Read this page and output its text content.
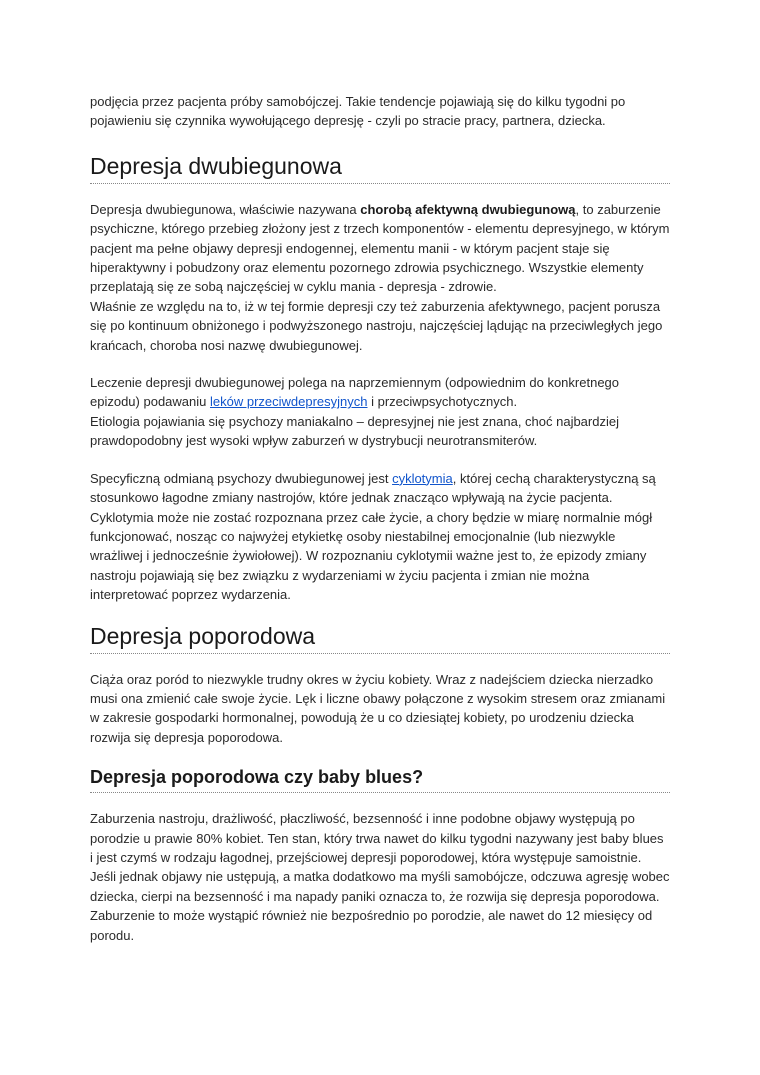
podjęcia przez pacjenta próby samobójczej. Takie tendencje pojawiają się do kilku tygodni po pojawieniu się czynnika wywołującego depresję - czyli po stracie pracy, partnera, dziecka.

Depresja dwubiegunowa

Depresja dwubiegunowa, właściwie nazywana chorobą afektywną dwubiegunową, to zaburzenie psychiczne, którego przebieg złożony jest z trzech komponentów - elementu depresyjnego, w którym pacjent ma pełne objawy depresji endogennej, elementu manii - w którym pacjent staje się hiperaktywny i pobudzony oraz elementu pozornego zdrowia psychicznego. Wszystkie elementy przeplatają się ze sobą najczęściej w cyklu mania - depresja - zdrowie.

Właśnie ze względu na to, iż w tej formie depresji czy też zaburzenia afektywnego, pacjent porusza się po kontinuum obniżonego i podwyższonego nastroju, najczęściej lądując na przeciwległych jego krańcach, choroba nosi nazwę dwubiegunowej.

Leczenie depresji dwubiegunowej polega na naprzemiennym (odpowiednim do konkretnego epizodu) podawaniu leków przeciwdepresyjnych i przeciwpsychotycznych.

Etiologia pojawiania się psychozy maniakalno – depresyjnej nie jest znana, choć najbardziej prawdopodobny jest wysoki wpływ zaburzeń w dystrybucji neurotransmiterów.

Specyficzną odmianą psychozy dwubiegunowej jest cyklotymia, której cechą charakterystyczną są stosunkowo łagodne zmiany nastrojów, które jednak znacząco wpływają na życie pacjenta.

Cyklotymia może nie zostać rozpoznana przez całe życie, a chory będzie w miarę normalnie mógł funkcjonować, nosząc co najwyżej etykietkę osoby niestabilnej emocjonalnie (lub niezwykle wrażliwej i jednocześnie żywiołowej). W rozpoznaniu cyklotymii ważne jest to, że epizody zmiany nastroju pojawiają się bez związku z wydarzeniami w życiu pacjenta i zmian nie można interpretować poprzez wydarzenia.

Depresja poporodowa

Ciąża oraz poród to niezwykle trudny okres w życiu kobiety. Wraz z nadejściem dziecka nierzadko musi ona zmienić całe swoje życie. Lęk i liczne obawy połączone z wysokim stresem oraz zmianami w zakresie gospodarki hormonalnej, powodują że u co dziesiątej kobiety, po urodzeniu dziecka rozwija się depresja poporodowa.

Depresja poporodowa czy baby blues?

Zaburzenia nastroju, drażliwość, płaczliwość, bezsenność i inne podobne objawy występują po porodzie u prawie 80% kobiet. Ten stan, który trwa nawet do kilku tygodni nazywany jest baby blues i jest czymś w rodzaju łagodnej, przejściowej depresji poporodowej, która występuje samoistnie. Jeśli jednak objawy nie ustępują, a matka dodatkowo ma myśli samobójcze, odczuwa agresję wobec dziecka, cierpi na bezsenność i ma napady paniki oznacza to, że rozwija się depresja poporodowa. Zaburzenie to może wystąpić również nie bezpośrednio po porodzie, ale nawet do 12 miesięcy od porodu.
